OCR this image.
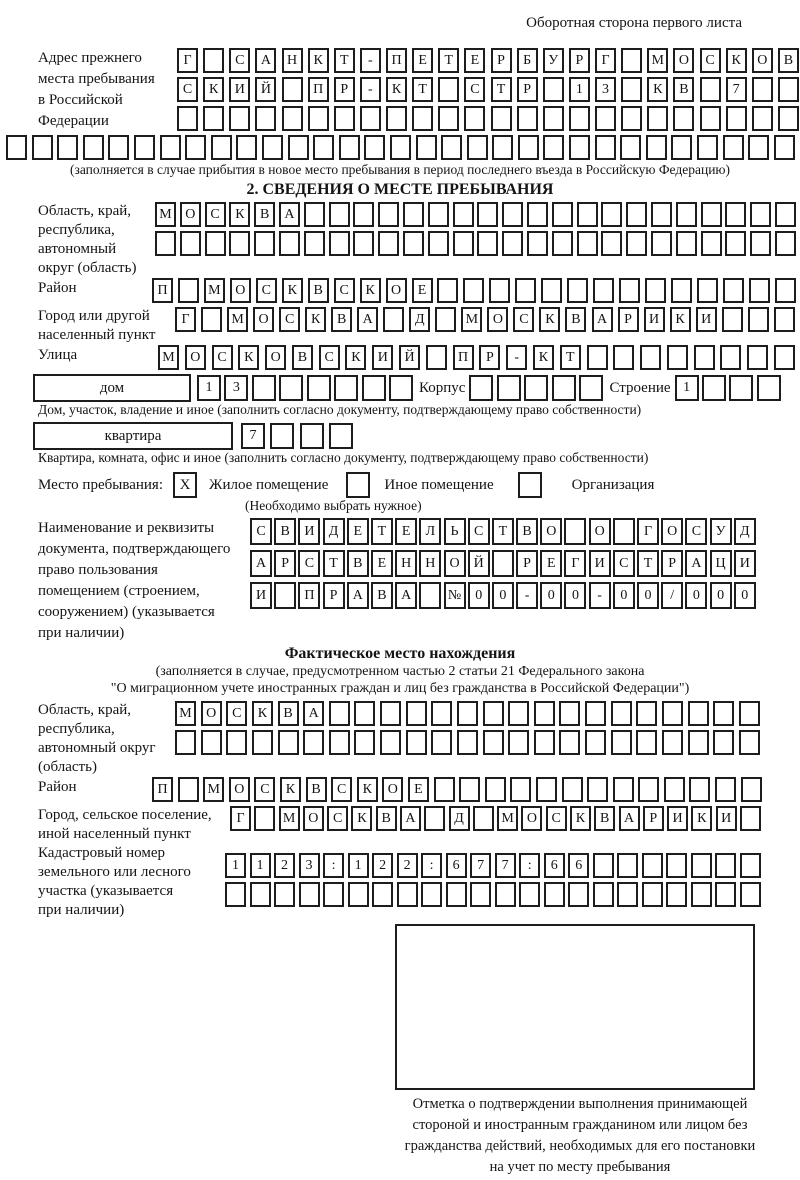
Оборотная сторона первого листа
Адрес прежнего
места пребывания
в Российской
Федерации
Г	С	А	Н	К	Т	-	П	Е	Т	Е	Р	Б	У	Р	Г	М	О	С	К	О	В
С	К	И	Й	П	Р	-	К	Т	С	Т	Р	1	3	К	В	7
(заполняется в случае прибытия в новое место пребывания в период последнего въезда в Российскую Федерацию)
2. СВЕДЕНИЯ О МЕСТЕ ПРЕБЫВАНИЯ
Область, край,
республика,
автономный
округ (область)
М О	С	К	В	А
Район	П	М	О	С	К	В	С	К	О	Е
Город или другой
населенный пункт
Г	М	О	С	К	В	А	Д	М	О	С	К	В	А	Р	И	К	И
Улица	М	О	С	К	О	В	С	К	И	Й	П	Р	-	К	Т
дом	1	3	Корпус	Строение 1
Дом, участок, владение и иное (заполнить согласно документу, подтверждающему право собственности)
квартира	7
Квартира, комната, офис и иное (заполнить согласно документу, подтверждающему право собственности)
Место пребывания:	X	Жилое помещение	Иное помещение	Организация
(Необходимо выбрать нужное)
Наименование и реквизиты
документа, подтверждающего
право пользования
помещением (строением,
сооружением) (указывается
при наличии)
С	В	И	Д	Е	Т	Е	Л	Ь	С	Т	В	О	О	Г	О	С	У	Д
А	Р	С	Т	В	Е	Н	Н	О	Й	Р	Е	Г	И	С	Т	Р	А	Ц	И
И	П	Р	А	В	А	№	0	0	-	0	0	-	0	0	/	0	0	0
Фактическое место нахождения
(заполняется в случае, предусмотренном частью 2 статьи 21 Федерального закона
"О миграционном учете иностранных граждан и лиц без гражданства в Российской Федерации")
Область, край,
республика,
автономный округ
(область)
М	О	С	К	В	А
Район	П	М	О	С	К	В	С	К	О	Е
Город, сельское поселение,
иной населенный пункт
Г	М О	С	К	В	А	Д	М О	С	К	В	А	Р	И	К	И
Кадастровый номер
земельного или лесного
участка (указывается
при наличии)
1	1	2	3	:	1	2	2	:	6	7	7	:	6	6
Отметка о подтверждении выполнения принимающей
стороной и иностранным гражданином или лицом без
гражданства действий, необходимых для его постановки
на учет по месту пребывания
